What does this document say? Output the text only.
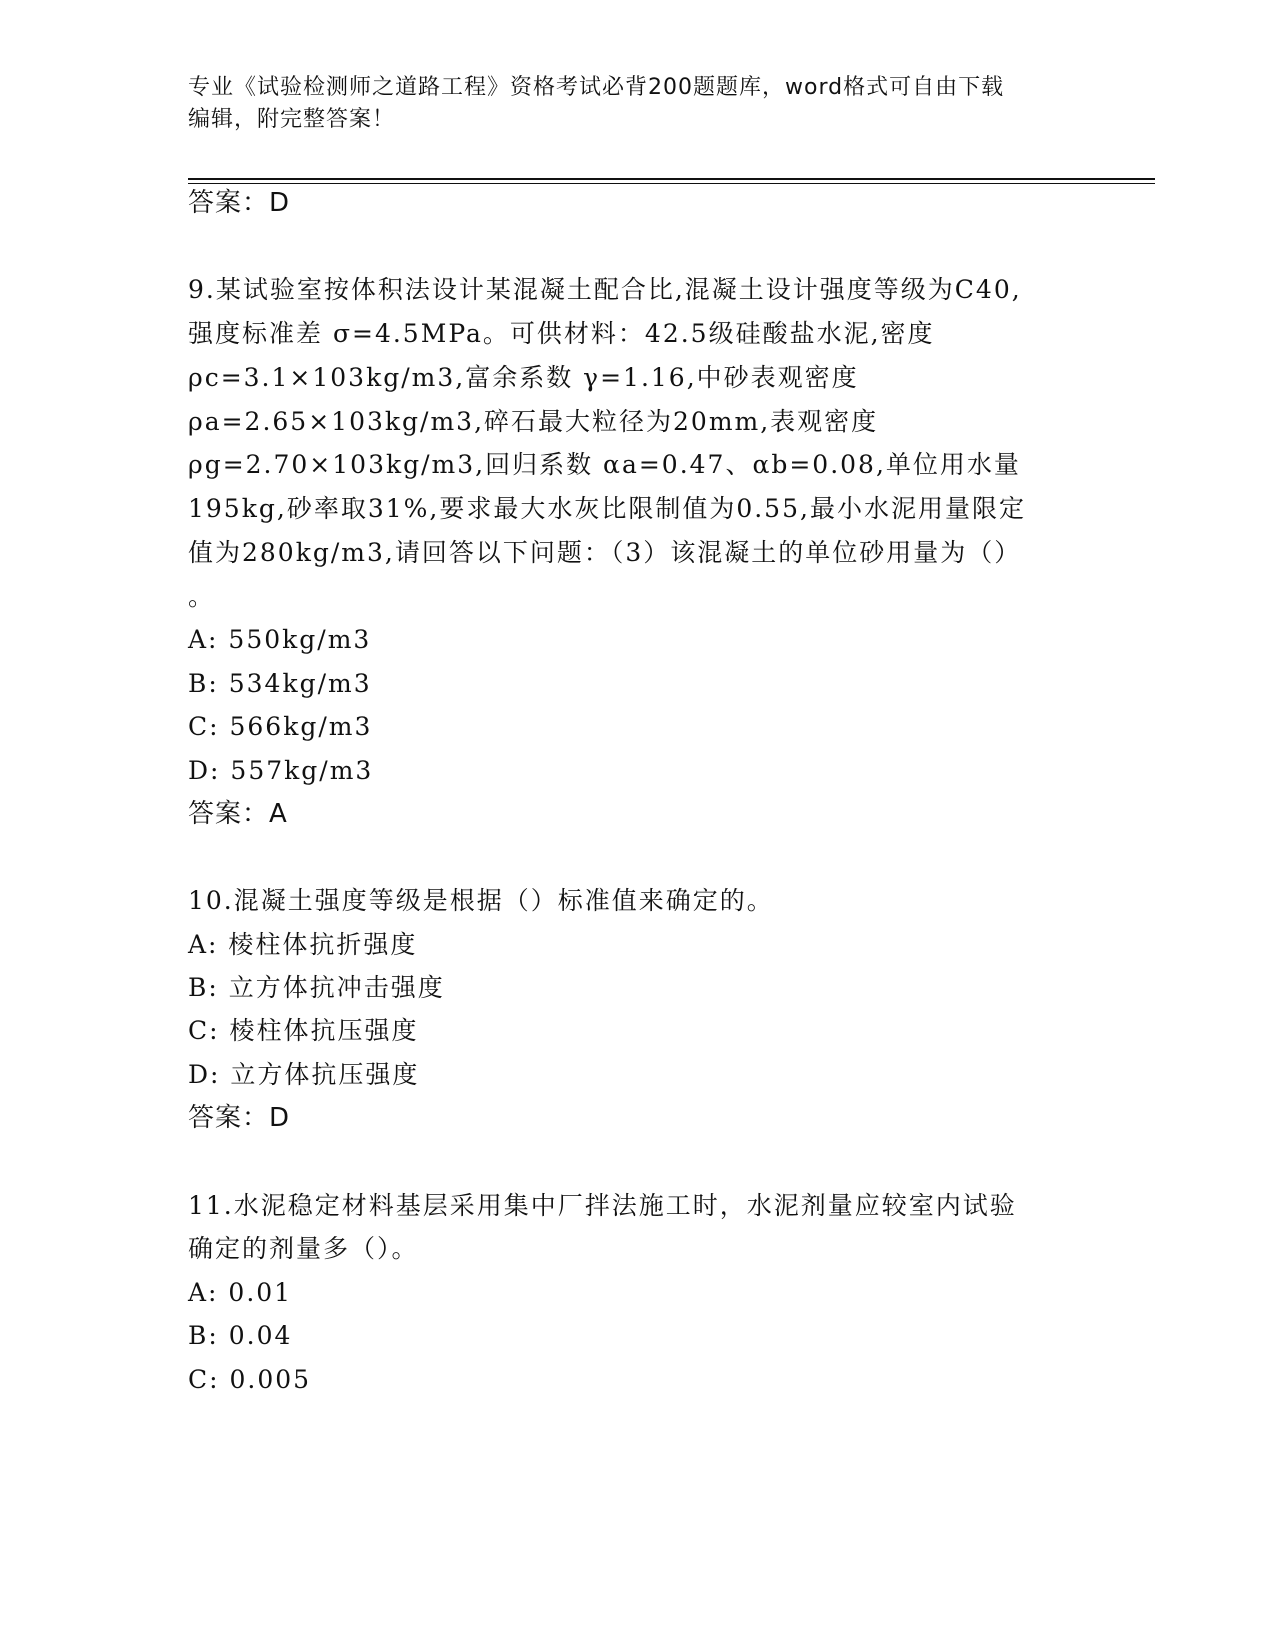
专业《试验检测师之道路工程》资格考试必背200题题库，word格式可自由下载
编辑，附完整答案！
答案：D
9.某试验室按体积法设计某混凝土配合比,混凝土设计强度等级为C40,
强度标准差 σ=4.5MPa。可供材料：42.5级硅酸盐水泥,密度
ρc=3.1×103kg/m3,富余系数 γ=1.16,中砂表观密度
ρa=2.65×103kg/m3,碎石最大粒径为20mm,表观密度
ρg=2.70×103kg/m3,回归系数 αa=0.47、αb=0.08,单位用水量
195kg,砂率取31%,要求最大水灰比限制值为0.55,最小水泥用量限定
值为280kg/m3,请回答以下问题：（3）该混凝土的单位砂用量为（）
。
A: 550kg/m3
B: 534kg/m3
C: 566kg/m3
D: 557kg/m3
答案：A
10.混凝土强度等级是根据（）标准值来确定的。
A: 棱柱体抗折强度
B: 立方体抗冲击强度
C: 棱柱体抗压强度
D: 立方体抗压强度
答案：D
11.水泥稳定材料基层采用集中厂拌法施工时，水泥剂量应较室内试验
确定的剂量多（）。
A: 0.01
B: 0.04
C: 0.005
